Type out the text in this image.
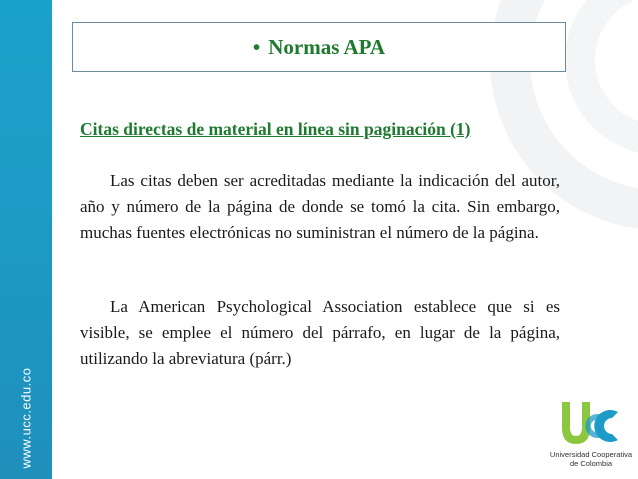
www.ucc.edu.co
• Normas APA
Citas directas de material en línea sin paginación (1)
Las citas deben ser acreditadas mediante la indicación del autor, año y número de la página de donde se tomó la cita. Sin embargo, muchas fuentes electrónicas no suministran el número de la página.
La American Psychological Association establece que si es visible, se emplee el número del párrafo, en lugar de la página, utilizando la abreviatura (párr.)
Universidad Cooperativa
de Colombia
